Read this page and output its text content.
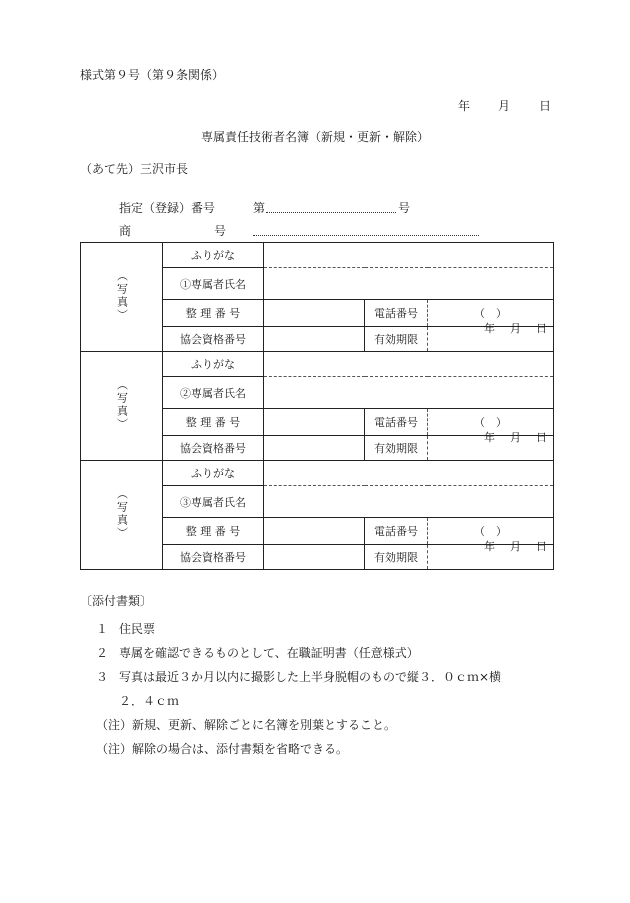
様式第９号（第９条関係）
年 月 日
専属責任技術者名簿（新規・更新・解除）
（あて先）三沢市長
指定（登録）番号	第	号
商	号
（写真）	ふりがな			
	①専属者氏名			
	整 理 番 号		電話番号	（　）
	協会資格番号		有効期限	年 月 日

（写真）	ふりがな			
	②専属者氏名			
	整 理 番 号		電話番号	（　）
	協会資格番号		有効期限	年 月 日

（写真）	ふりがな			
	③専属者氏名			
	整 理 番 号		電話番号	（　）
	協会資格番号		有効期限	年 月 日
〔添付書類〕
１ 住民票
２ 専属を確認できるものとして、在職証明書（任意様式）
３ 写真は最近３か月以内に撮影した上半身脱帽のもので縦３．０ｃｍ×横
２．４ｃｍ
（注）新規、更新、解除ごとに名簿を別葉とすること。
（注）解除の場合は、添付書類を省略できる。
